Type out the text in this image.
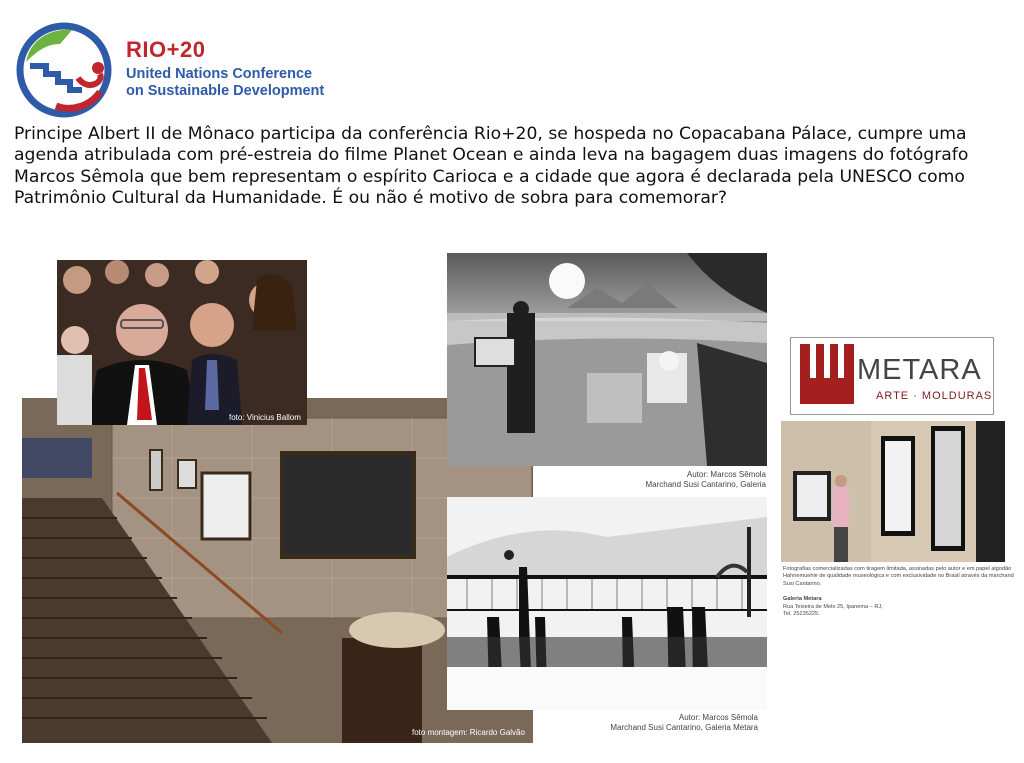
RIO+20
United Nations Conference
on Sustainable Development
Principe Albert II de Mônaco participa da conferência Rio+20, se hospeda no Copacabana Pálace, cumpre uma agenda atribulada com pré-estreia do filme Planet Ocean e ainda leva na bagagem duas imagens do fotógrafo Marcos Sêmola que bem representam o espírito Carioca e a cidade que agora é declarada pela UNESCO como Patrimônio Cultural da Humanidade. É ou não é motivo de sobra para comemorar?
foto montagem: Ricardo Galvão
foto: Vinicius Ballom
Autor: Marcos Sêmola
Marchand Susi Cantarino, Galeria
Autor: Marcos Sêmola
Marchand Susi Cantarino, Galeria Metara
METARA
ARTE · MOLDURAS
Fotografias comercializadas com tiragem limitada, assinadas pelo autor e em papel algodão Hahnemuehle de qualidade museológica e com exclusividade no Brasil através da marchand Susi Cantarino.
Galeria Metara
Rua Teixeira de Melo 25, Ipanema – RJ,
Tel. 25235225.
